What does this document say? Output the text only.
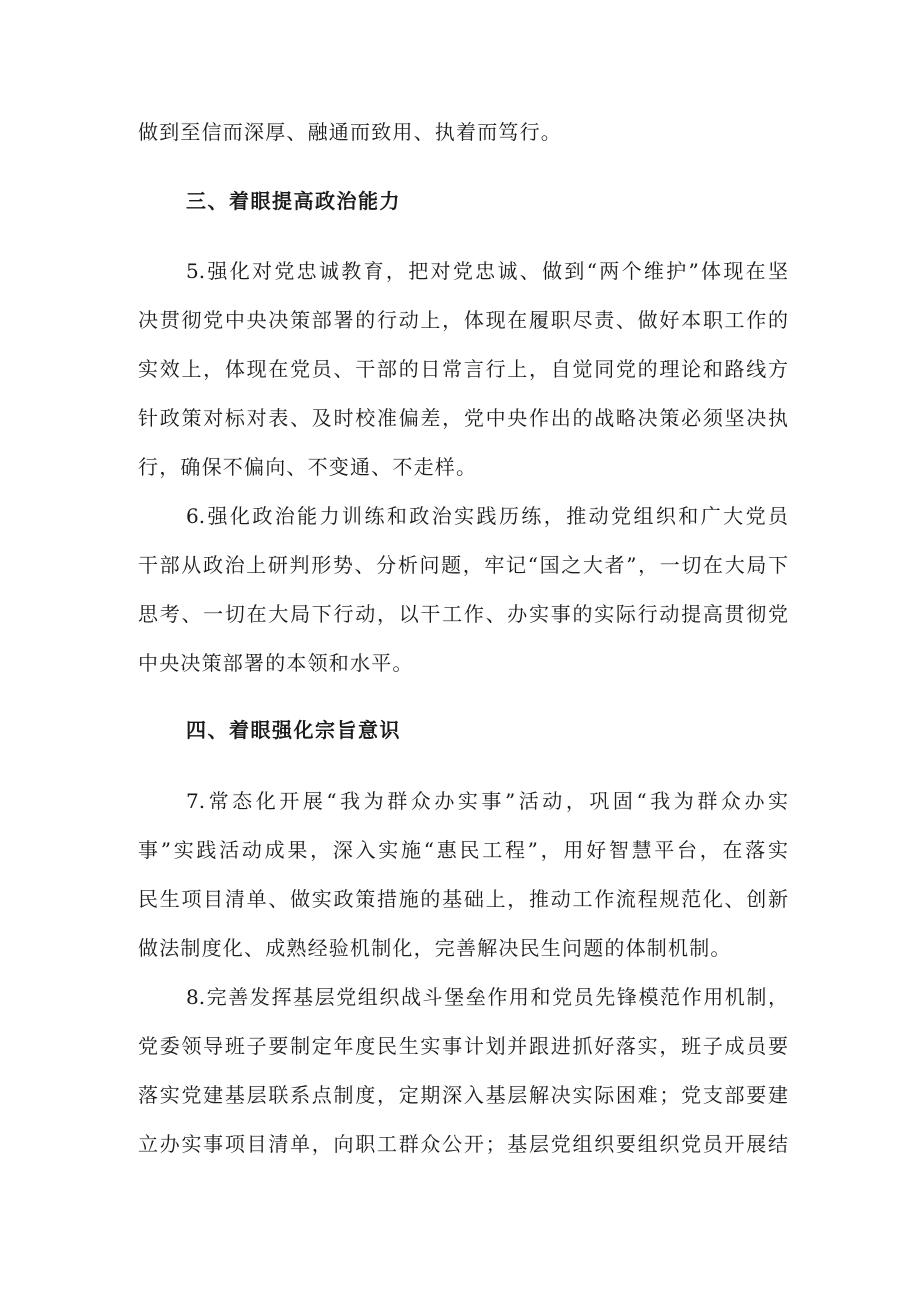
做到至信而深厚、融通而致用、执着而笃行。
三、着眼提高政治能力
5.强化对党忠诚教育，把对党忠诚、做到“两个维护”体现在坚
决贯彻党中央决策部署的行动上，体现在履职尽责、做好本职工作的
实效上，体现在党员、干部的日常言行上，自觉同党的理论和路线方
针政策对标对表、及时校准偏差，党中央作出的战略决策必须坚决执
行，确保不偏向、不变通、不走样。
6.强化政治能力训练和政治实践历练，推动党组织和广大党员
干部从政治上研判形势、分析问题，牢记“国之大者”，一切在大局下
思考、一切在大局下行动，以干工作、办实事的实际行动提高贯彻党
中央决策部署的本领和水平。
四、着眼强化宗旨意识
7.常态化开展“我为群众办实事”活动，巩固“我为群众办实
事”实践活动成果，深入实施“惠民工程”，用好智慧平台，在落实
民生项目清单、做实政策措施的基础上，推动工作流程规范化、创新
做法制度化、成熟经验机制化，完善解决民生问题的体制机制。
8.完善发挥基层党组织战斗堡垒作用和党员先锋模范作用机制，
党委领导班子要制定年度民生实事计划并跟进抓好落实，班子成员要
落实党建基层联系点制度，定期深入基层解决实际困难；党支部要建
立办实事项目清单，向职工群众公开；基层党组织要组织党员开展结
